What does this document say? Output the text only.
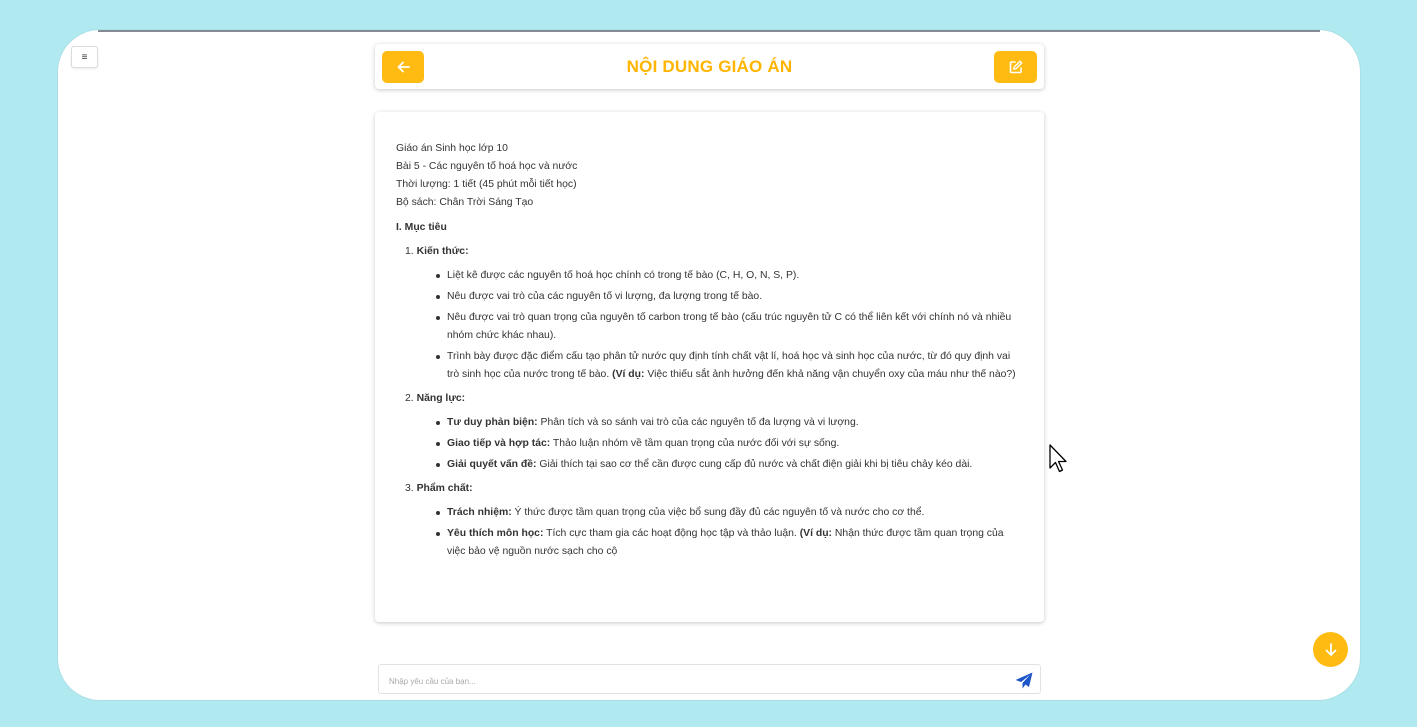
≡	NỘI DUNG GIÁO ÁN
Giáo án Sinh học lớp 10
Bài 5 - Các nguyên tố hoá học và nước
Thời lượng: 1 tiết (45 phút mỗi tiết học)
Bộ sách: Chân Trời Sáng Tạo
I. Mục tiêu
1. Kiến thức:
Liệt kê được các nguyên tố hoá học chính có trong tế bào (C, H, O, N, S, P).
Nêu được vai trò của các nguyên tố vi lượng, đa lượng trong tế bào.
Nêu được vai trò quan trọng của nguyên tố carbon trong tế bào (cấu trúc nguyên tử C có thể liên kết với chính nó và nhiều nhóm chức khác nhau).
Trình bày được đặc điểm cấu tạo phân tử nước quy định tính chất vật lí, hoá học và sinh học của nước, từ đó quy định vai trò sinh học của nước trong tế bào. (Ví dụ: Việc thiếu sắt ảnh hưởng đến khả năng vận chuyển oxy của máu như thế nào?)
2. Năng lực:
Tư duy phản biện: Phân tích và so sánh vai trò của các nguyên tố đa lượng và vi lượng.
Giao tiếp và hợp tác: Thảo luận nhóm về tầm quan trọng của nước đối với sự sống.
Giải quyết vấn đề: Giải thích tại sao cơ thể cần được cung cấp đủ nước và chất điện giải khi bị tiêu chảy kéo dài.
3. Phẩm chất:
Trách nhiệm: Ý thức được tầm quan trọng của việc bổ sung đầy đủ các nguyên tố và nước cho cơ thể.
Yêu thích môn học: Tích cực tham gia các hoạt động học tập và thảo luận. (Ví dụ: Nhận thức được tầm quan trọng của việc bảo vệ nguồn nước sạch cho cộ
Nhập yêu cầu của bạn...
